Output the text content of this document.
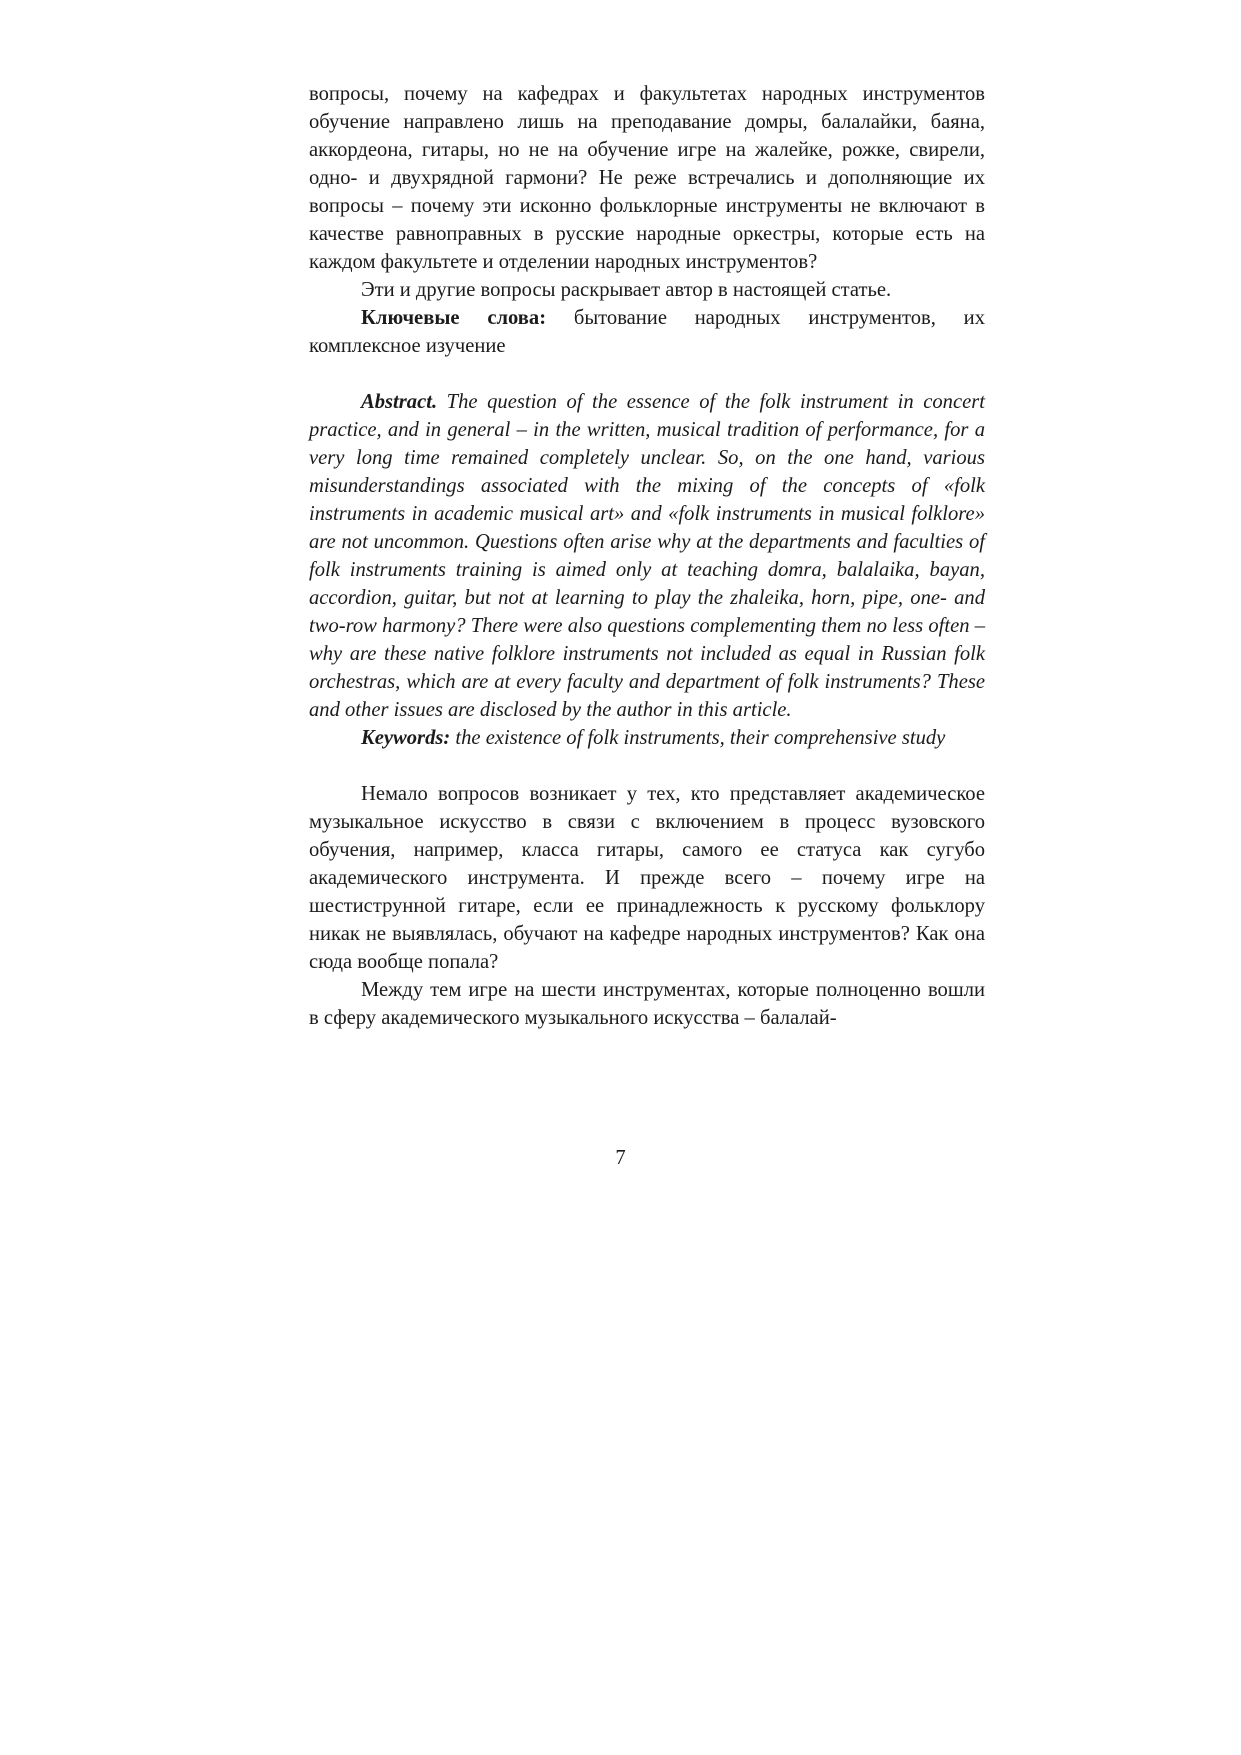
вопросы, почему на кафедрах и факультетах народных инструментов обучение направлено лишь на преподавание домры, балалайки, баяна, аккордеона, гитары, но не на обучение игре на жалейке, рожке, свирели, одно- и двухрядной гармони? Не реже встречались и дополняющие их вопросы – почему эти исконно фольклорные инструменты не включают в качестве равноправных в русские народные оркестры, которые есть на каждом факультете и отделении народных инструментов?

Эти и другие вопросы раскрывает автор в настоящей статье.

Ключевые слова: бытование народных инструментов, их комплексное изучение

Abstract. The question of the essence of the folk instrument in concert practice, and in general – in the written, musical tradition of performance, for a very long time remained completely unclear. So, on the one hand, various misunderstandings associated with the mixing of the concepts of «folk instruments in academic musical art» and «folk instruments in musical folklore» are not uncommon. Questions often arise why at the departments and faculties of folk instruments training is aimed only at teaching domra, balalaika, bayan, accordion, guitar, but not at learning to play the zhaleika, horn, pipe, one- and two-row harmony? There were also questions complementing them no less often – why are these native folklore instruments not included as equal in Russian folk orchestras, which are at every faculty and department of folk instruments? These and other issues are disclosed by the author in this article.

Keywords: the existence of folk instruments, their comprehensive study

Немало вопросов возникает у тех, кто представляет академическое музыкальное искусство в связи с включением в процесс вузовского обучения, например, класса гитары, самого ее статуса как сугубо академического инструмента. И прежде всего – почему игре на шестиструнной гитаре, если ее принадлежность к русскому фольклору никак не выявлялась, обучают на кафедре народных инструментов? Как она сюда вообще попала?

Между тем игре на шести инструментах, которые полноценно вошли в сферу академического музыкального искусства – балалай-

7
